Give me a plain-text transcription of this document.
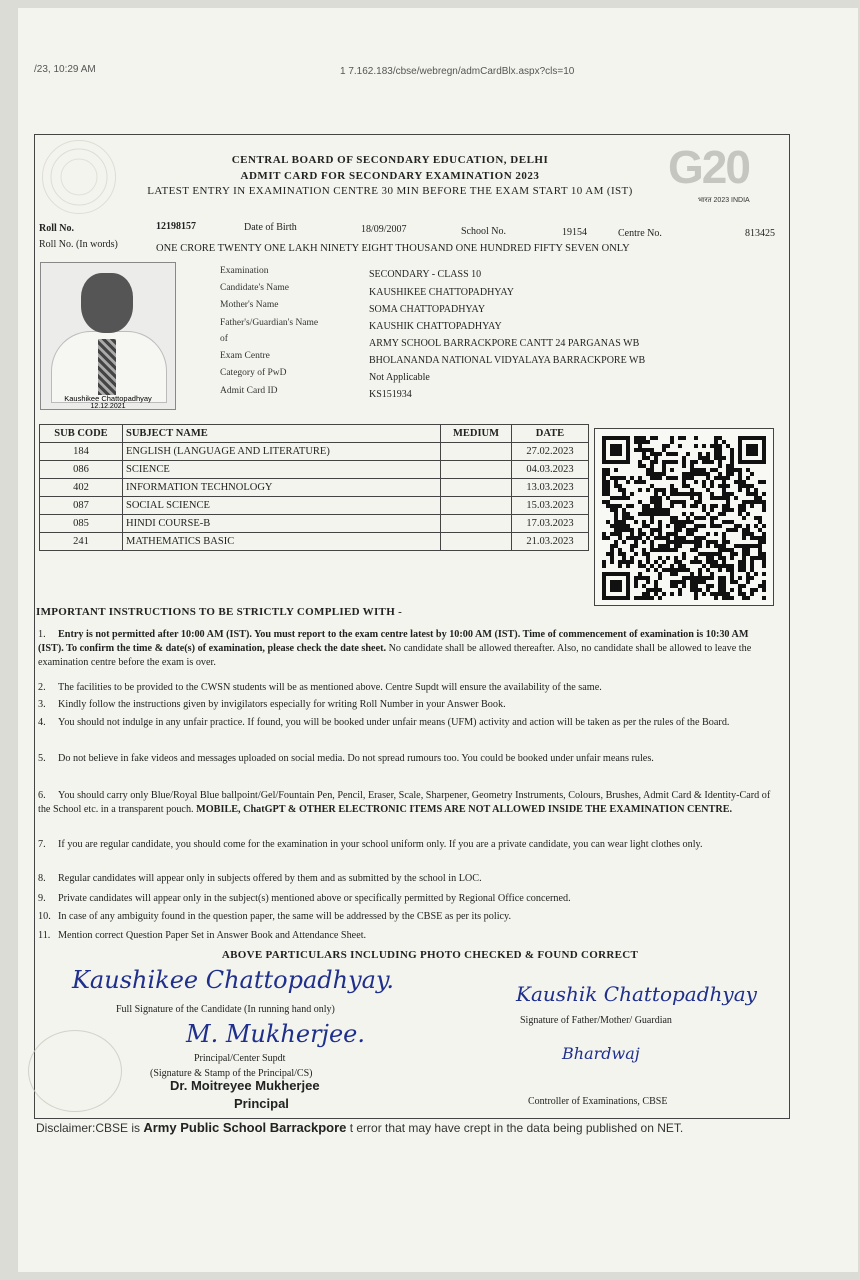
/23, 10:29 AM	1 7.162.183/cbse/webregn/admCardBlx.aspx?cls=10
G20
भारत 2023 INDIA
CENTRAL BOARD OF SECONDARY EDUCATION, DELHI
ADMIT CARD FOR SECONDARY EXAMINATION 2023
LATEST ENTRY IN EXAMINATION CENTRE 30 MIN BEFORE THE EXAM START 10 AM (IST)
Roll No.	12198157	Date of Birth	18/09/2007	School No.	19154	Centre No.	813425
Roll No. (In words)	ONE CRORE TWENTY ONE LAKH NINETY EIGHT THOUSAND ONE HUNDRED FIFTY SEVEN ONLY
Kaushikee Chattopadhyay
12.12.2021
Examination	SECONDARY - CLASS 10
Candidate's Name	KAUSHIKEE CHATTOPADHYAY
Mother's Name	SOMA CHATTOPADHYAY
Father's/Guardian's Name	KAUSHIK CHATTOPADHYAY
of	ARMY SCHOOL BARRACKPORE CANTT 24 PARGANAS WB
Exam Centre	BHOLANANDA NATIONAL VIDYALAYA BARRACKPORE WB
Category of PwD	Not Applicable
Admit Card ID	KS151934
SUB CODE	SUBJECT NAME	MEDIUM	DATE
184	ENGLISH (LANGUAGE AND LITERATURE)		27.02.2023
086	SCIENCE		04.03.2023
402	INFORMATION TECHNOLOGY		13.03.2023
087	SOCIAL SCIENCE		15.03.2023
085	HINDI COURSE-B		17.03.2023
241	MATHEMATICS BASIC		21.03.2023
IMPORTANT INSTRUCTIONS TO BE STRICTLY COMPLIED WITH -
1. Entry is not permitted after 10:00 AM (IST). You must report to the exam centre latest by 10:00 AM (IST). Time of commencement of examination is 10:30 AM (IST). To confirm the time & date(s) of examination, please check the date sheet. No candidate shall be allowed thereafter. Also, no candidate shall be allowed to leave the examination centre before the exam is over.
2. The facilities to be provided to the CWSN students will be as mentioned above. Centre Supdt will ensure the availability of the same.
3. Kindly follow the instructions given by invigilators especially for writing Roll Number in your Answer Book.
4. You should not indulge in any unfair practice. If found, you will be booked under unfair means (UFM) activity and action will be taken as per the rules of the Board.
5. Do not believe in fake videos and messages uploaded on social media. Do not spread rumours too. You could be booked under unfair means rules.
6. You should carry only Blue/Royal Blue ballpoint/Gel/Fountain Pen, Pencil, Eraser, Scale, Sharpener, Geometry Instruments, Colours, Brushes, Admit Card & Identity-Card of the School etc. in a transparent pouch. MOBILE, ChatGPT & OTHER ELECTRONIC ITEMS ARE NOT ALLOWED INSIDE THE EXAMINATION CENTRE.
7. If you are regular candidate, you should come for the examination in your school uniform only. If you are a private candidate, you can wear light clothes only.
8. Regular candidates will appear only in subjects offered by them and as submitted by the school in LOC.
9. Private candidates will appear only in the subject(s) mentioned above or specifically permitted by Regional Office concerned.
10. In case of any ambiguity found in the question paper, the same will be addressed by the CBSE as per its policy.
11. Mention correct Question Paper Set in Answer Book and Attendance Sheet.
ABOVE PARTICULARS INCLUDING PHOTO CHECKED & FOUND CORRECT
Kaushikee Chattopadhyay.
Full Signature of the Candidate (In running hand only)
Kaushik Chattopadhyay
Signature of Father/Mother/ Guardian
M. Mukherjee.
Principal/Center Supdt
(Signature & Stamp of the Principal/CS)
Dr. Moitreyee Mukherjee
Principal
Bhardwaj
Controller of Examinations, CBSE
Disclaimer:CBSE is Army Public School Barrackpore t error that may have crept in the data being published on NET.
